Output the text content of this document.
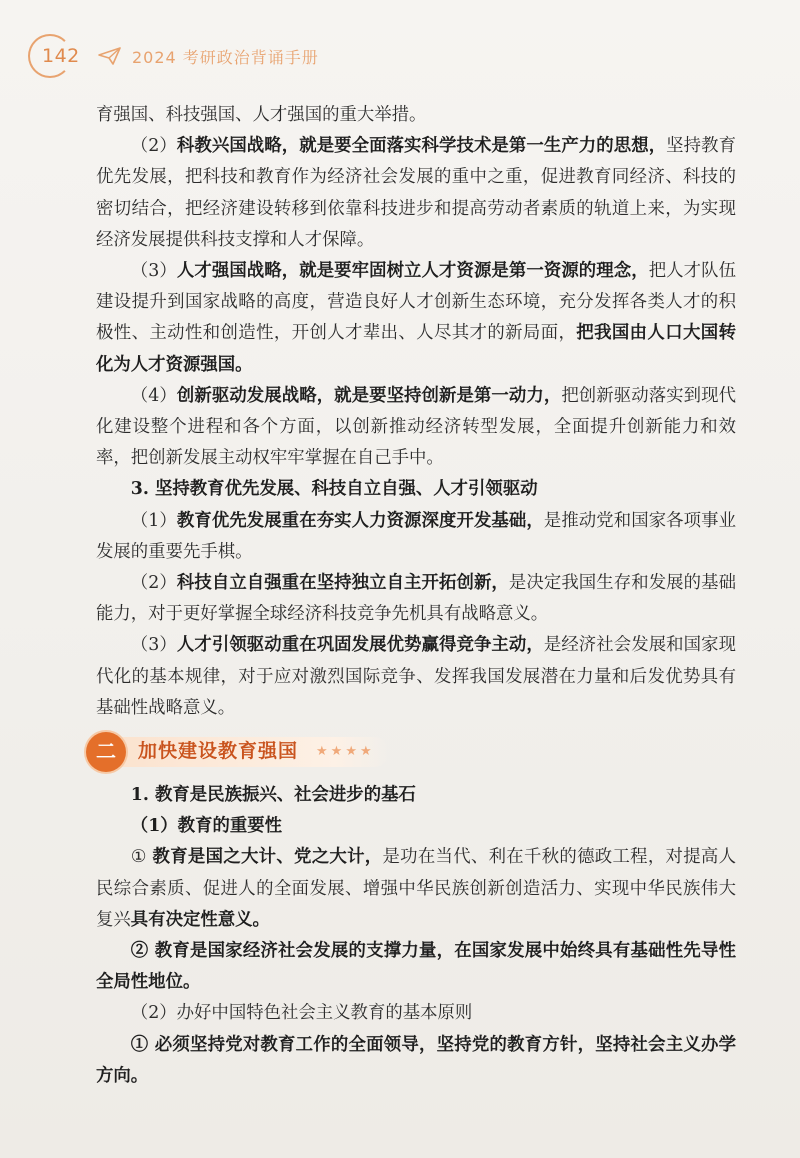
142	2024 考研政治背诵手册

育强国、科技强国、人才强国的重大举措。

（2）科教兴国战略，就是要全面落实科学技术是第一生产力的思想，坚持教育优先发展，把科技和教育作为经济社会发展的重中之重，促进教育同经济、科技的密切结合，把经济建设转移到依靠科技进步和提高劳动者素质的轨道上来，为实现经济发展提供科技支撑和人才保障。

（3）人才强国战略，就是要牢固树立人才资源是第一资源的理念，把人才队伍建设提升到国家战略的高度，营造良好人才创新生态环境，充分发挥各类人才的积极性、主动性和创造性，开创人才辈出、人尽其才的新局面，把我国由人口大国转化为人才资源强国。

（4）创新驱动发展战略，就是要坚持创新是第一动力，把创新驱动落实到现代化建设整个进程和各个方面，以创新推动经济转型发展，全面提升创新能力和效率，把创新发展主动权牢牢掌握在自己手中。

3. 坚持教育优先发展、科技自立自强、人才引领驱动

（1）教育优先发展重在夯实人力资源深度开发基础，是推动党和国家各项事业发展的重要先手棋。

（2）科技自立自强重在坚持独立自主开拓创新，是决定我国生存和发展的基础能力，对于更好掌握全球经济科技竞争先机具有战略意义。

（3）人才引领驱动重在巩固发展优势赢得竞争主动，是经济社会发展和国家现代化的基本规律，对于应对激烈国际竞争、发挥我国发展潜在力量和后发优势具有基础性战略意义。

二 加快建设教育强国 ★★★★

1. 教育是民族振兴、社会进步的基石

（1）教育的重要性

① 教育是国之大计、党之大计，是功在当代、利在千秋的德政工程，对提高人民综合素质、促进人的全面发展、增强中华民族创新创造活力、实现中华民族伟大复兴具有决定性意义。

② 教育是国家经济社会发展的支撑力量，在国家发展中始终具有基础性先导性全局性地位。

（2）办好中国特色社会主义教育的基本原则

① 必须坚持党对教育工作的全面领导，坚持党的教育方针，坚持社会主义办学方向。
